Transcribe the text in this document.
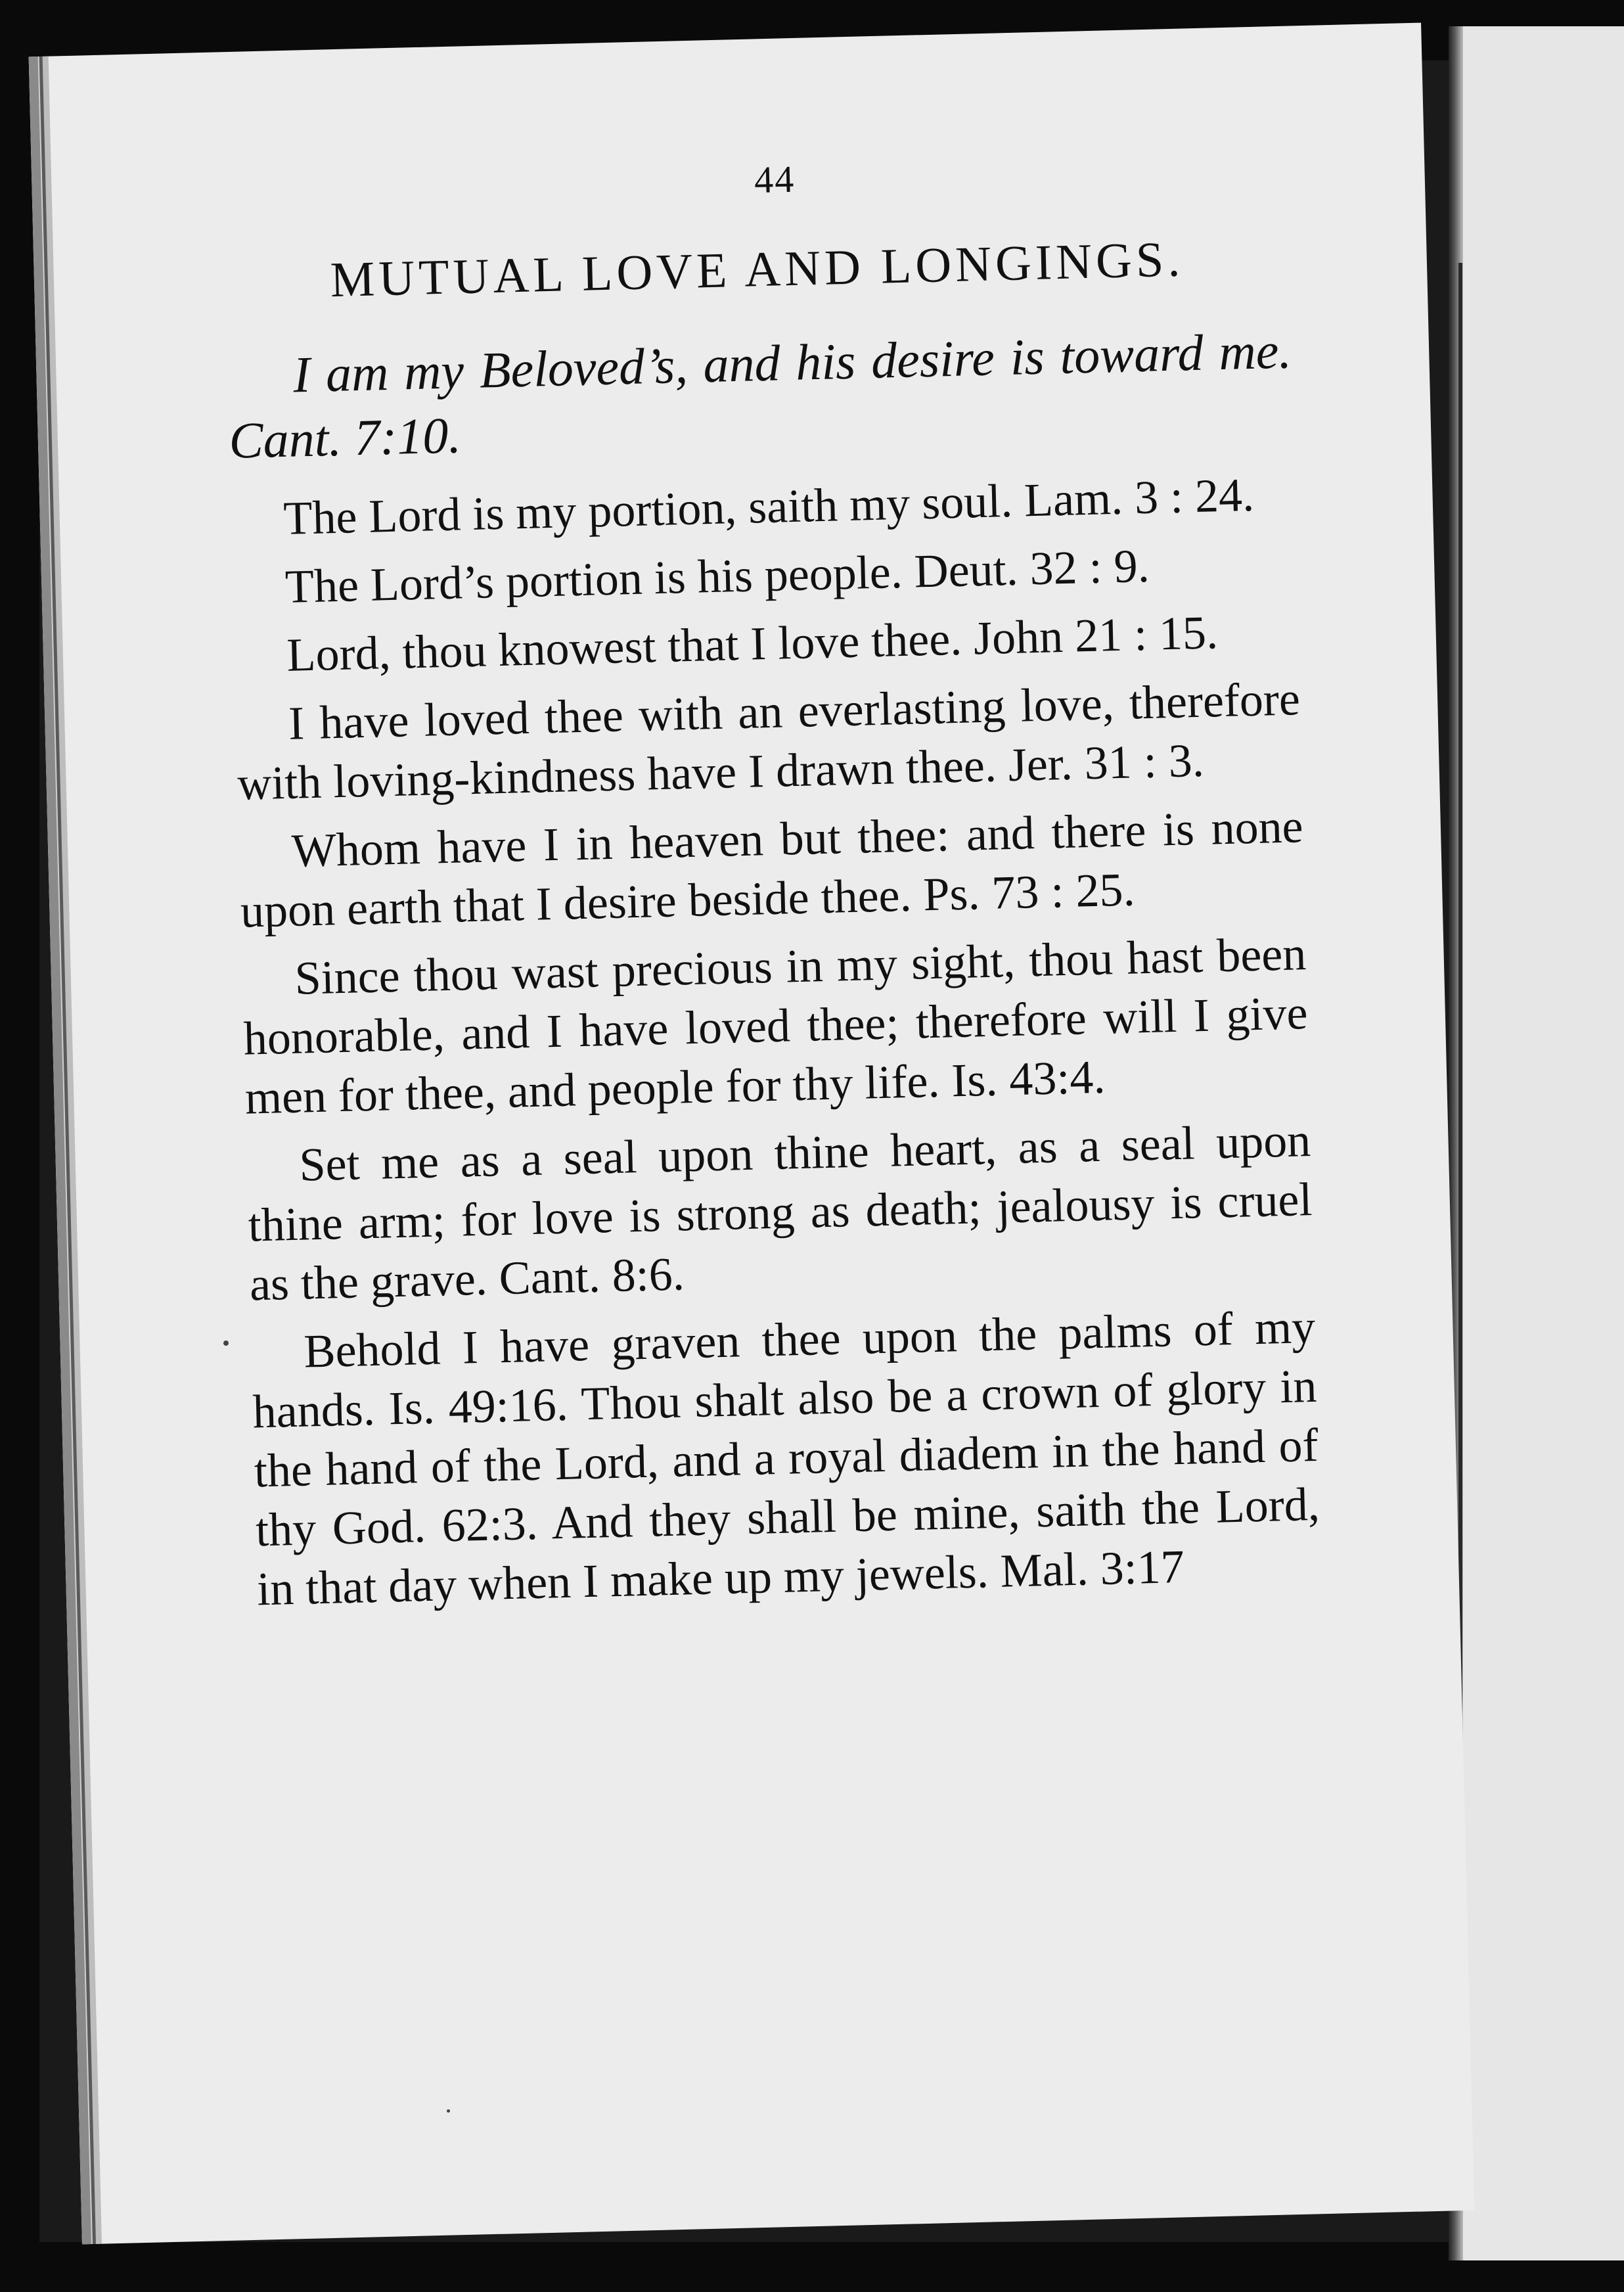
44
MUTUAL LOVE AND LONGINGS.

I am my Beloved’s, and his desire is toward me. Cant. 7:10.

The Lord is my portion, saith my soul. Lam. 3 : 24.

The Lord’s portion is his people. Deut. 32 : 9.

Lord, thou knowest that I love thee. John 21 : 15.

I have loved thee with an everlasting love, therefore with loving-kindness have I drawn thee. Jer. 31 : 3.

Whom have I in heaven but thee: and there is none upon earth that I desire beside thee. Ps. 73 : 25.

Since thou wast precious in my sight, thou hast been honorable, and I have loved thee; therefore will I give men for thee, and people for thy life. Is. 43:4.

Set me as a seal upon thine heart, as a seal upon thine arm; for love is strong as death; jealousy is cruel as the grave. Cant. 8:6.

Behold I have graven thee upon the palms of my hands. Is. 49:16. Thou shalt also be a crown of glory in the hand of the Lord, and a royal diadem in the hand of thy God. 62:3. And they shall be mine, saith the Lord, in that day when I make up my jewels. Mal. 3:17
